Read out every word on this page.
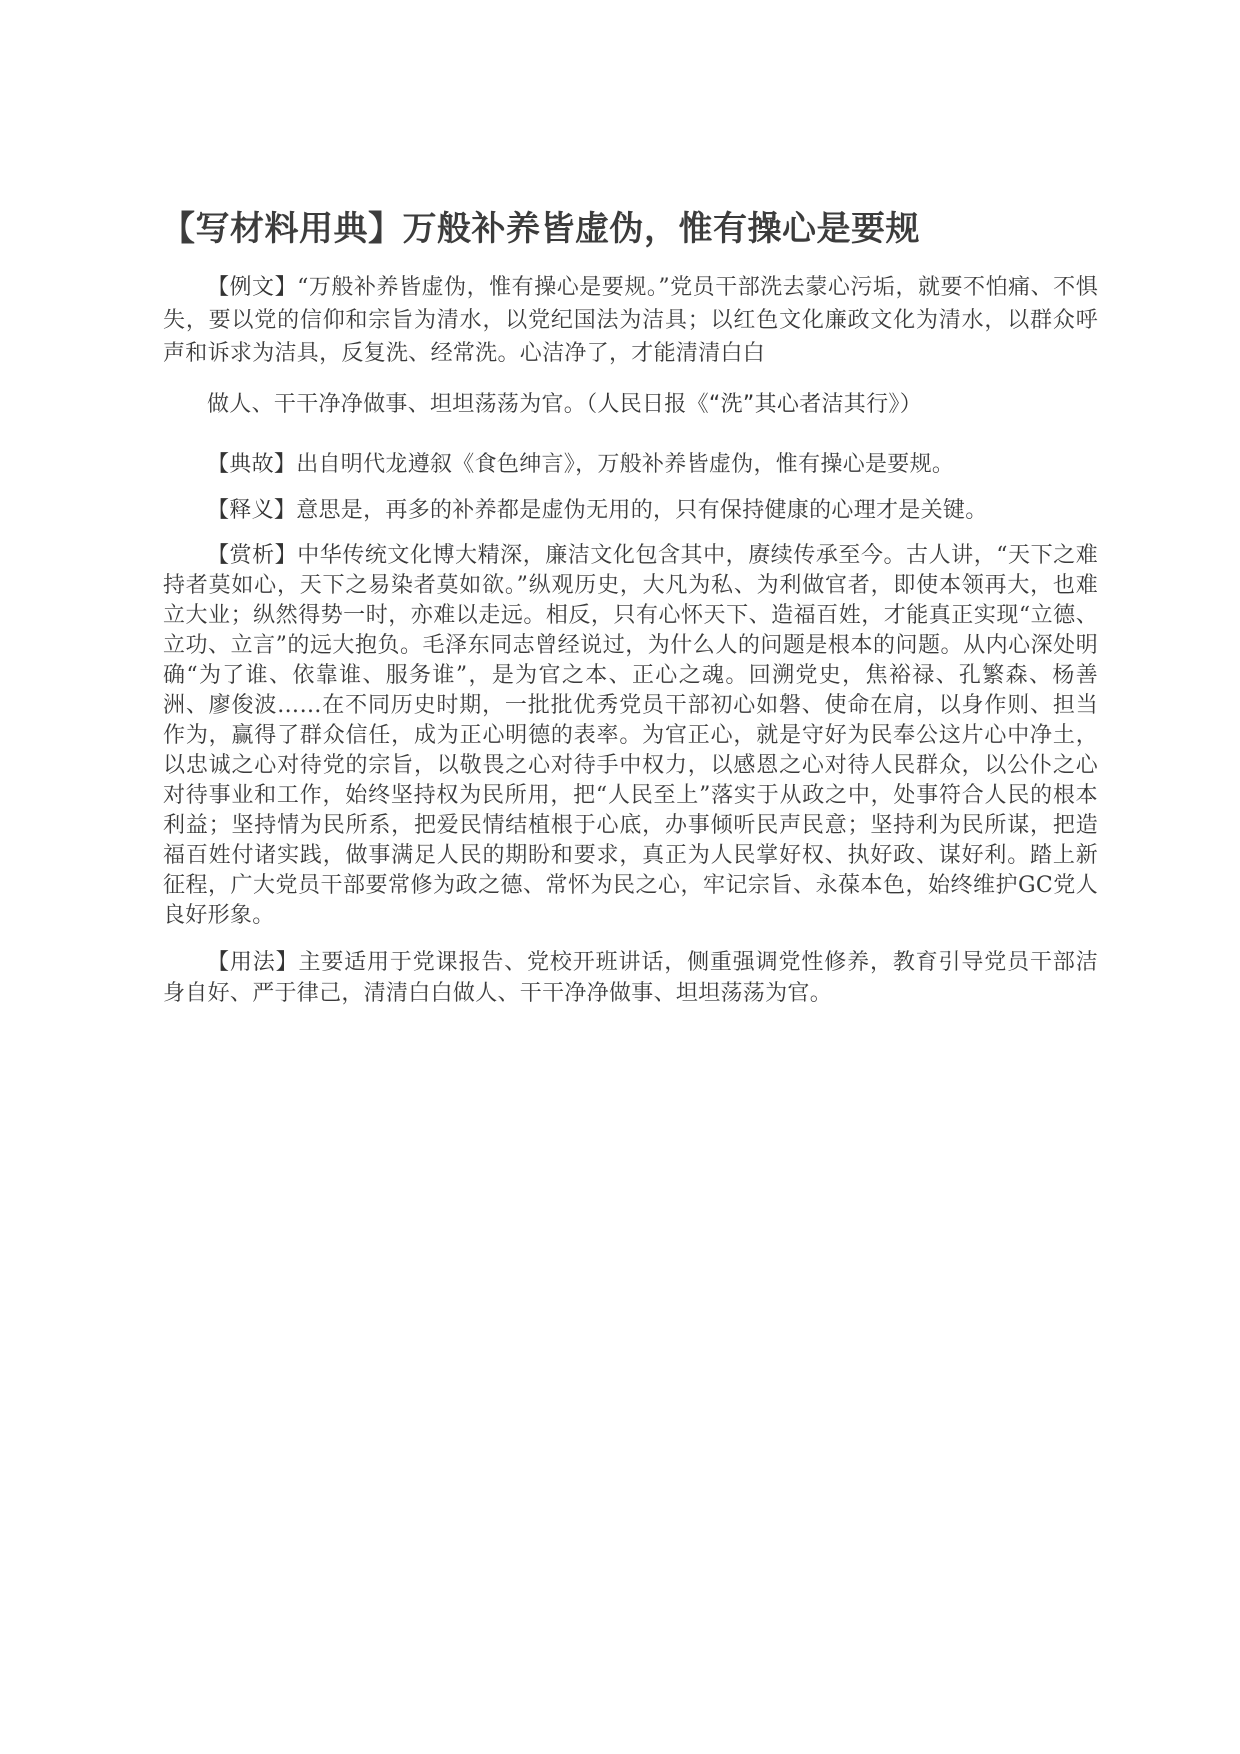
【写材料用典】万般补养皆虚伪，惟有操心是要规

【例文】“万般补养皆虚伪，惟有操心是要规。”党员干部洗去蒙心污垢，就要不怕痛、不惧失，要以党的信仰和宗旨为清水，以党纪国法为洁具；以红色文化廉政文化为清水，以群众呼声和诉求为洁具，反复洗、经常洗。心洁净了，才能清清白白
做人、干干净净做事、坦坦荡荡为官。（人民日报《“洗”其心者洁其行》）

【典故】出自明代龙遵叙《食色绅言》，万般补养皆虚伪，惟有操心是要规。

【释义】意思是，再多的补养都是虚伪无用的，只有保持健康的心理才是关键。

【赏析】中华传统文化博大精深，廉洁文化包含其中，赓续传承至今。古人讲，“天下之难持者莫如心，天下之易染者莫如欲。”纵观历史，大凡为私、为利做官者，即使本领再大，也难立大业；纵然得势一时，亦难以走远。相反，只有心怀天下、造福百姓，才能真正实现“立德、立功、立言”的远大抱负。毛泽东同志曾经说过，为什么人的问题是根本的问题。从内心深处明确“为了谁、依靠谁、服务谁”，是为官之本、正心之魂。回溯党史，焦裕禄、孔繁森、杨善洲、廖俊波……在不同历史时期，一批批优秀党员干部初心如磐、使命在肩，以身作则、担当作为，赢得了群众信任，成为正心明德的表率。为官正心，就是守好为民奉公这片心中净土，以忠诚之心对待党的宗旨，以敬畏之心对待手中权力，以感恩之心对待人民群众，以公仆之心对待事业和工作，始终坚持权为民所用，把“人民至上”落实于从政之中，处事符合人民的根本利益；坚持情为民所系，把爱民情结植根于心底，办事倾听民声民意；坚持利为民所谋，把造福百姓付诸实践，做事满足人民的期盼和要求，真正为人民掌好权、执好政、谋好利。踏上新征程，广大党员干部要常修为政之德、常怀为民之心，牢记宗旨、永葆本色，始终维护GC党人良好形象。

【用法】主要适用于党课报告、党校开班讲话，侧重强调党性修养，教育引导党员干部洁身自好、严于律己，清清白白做人、干干净净做事、坦坦荡荡为官。
